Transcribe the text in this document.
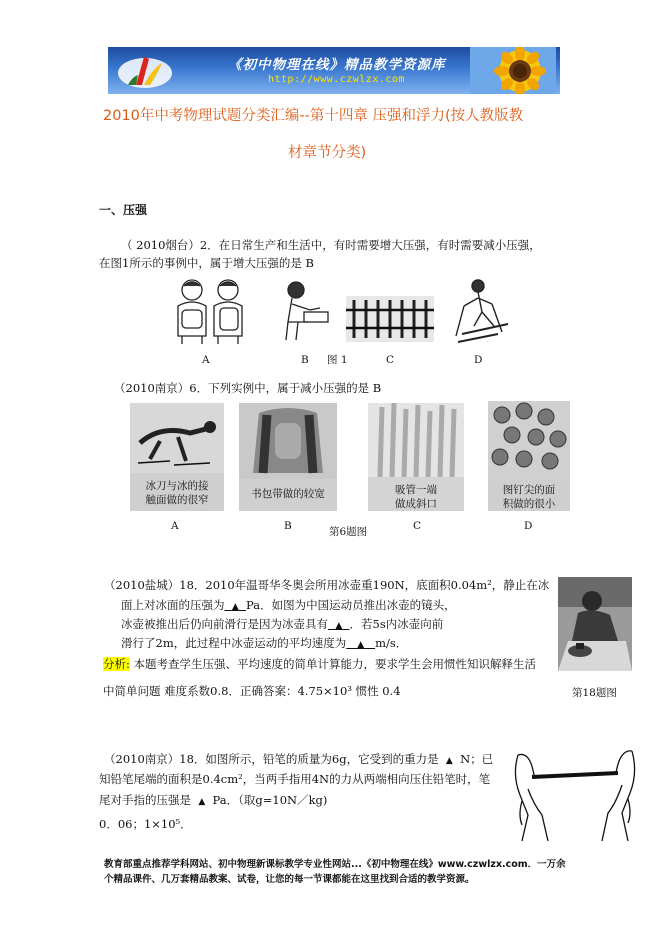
《初中物理在线》精品教学资源库
http://www.czwlzx.com
2010年中考物理试题分类汇编--第十四章 压强和浮力(按人教版教
材章节分类)
一、压强
（ 2010烟台）2．在日常生产和生活中，有时需要增大压强，有时需要减小压强，
在图1所示的事例中，属于增大压强的是 B
A	B 图 1	C	D
（2010南京）6．下列实例中，属于减小压强的是 B
冰刀与冰的接
触面做的很窄	书包带做的较宽	吸管一端
做成斜口
图钉尖的面
积做的很小
A	B	第6题图	C	D
（2010盐城）18．2010年温哥华冬奥会所用冰壶重190N，底面积0.04m²，静止在冰
面上对冰面的压强为 ▲ Pa．如图为中国运动员推出冰壶的镜头，
冰壶被推出后仍向前滑行是因为冰壶具有 ▲ ．若5s内冰壶向前
滑行了2m，此过程中冰壶运动的平均速度为 ▲ m/s．
分析: 本题考查学生压强、平均速度的简单计算能力，要求学生会用惯性知识解释生活
中简单问题 难度系数0.8．正确答案：4.75×10³ 惯性 0.4	第18题图
（2010南京）18．如图所示，铅笔的质量为6g，它受到的重力是 ▲ N；已
知铅笔尾端的面积是0.4cm²，当两手指用4N的力从两端相向压住铅笔时，笔
尾对手指的压强是 ▲ Pa．（取g=10N／kg)
0．06；1×10⁵．
教育部重点推荐学科网站、初中物理新课标教学专业性网站...《初中物理在线》www.czwlzx.com．一万余
个精品课件、几万套精品教案、试卷，让您的每一节课都能在这里找到合适的教学资源。
